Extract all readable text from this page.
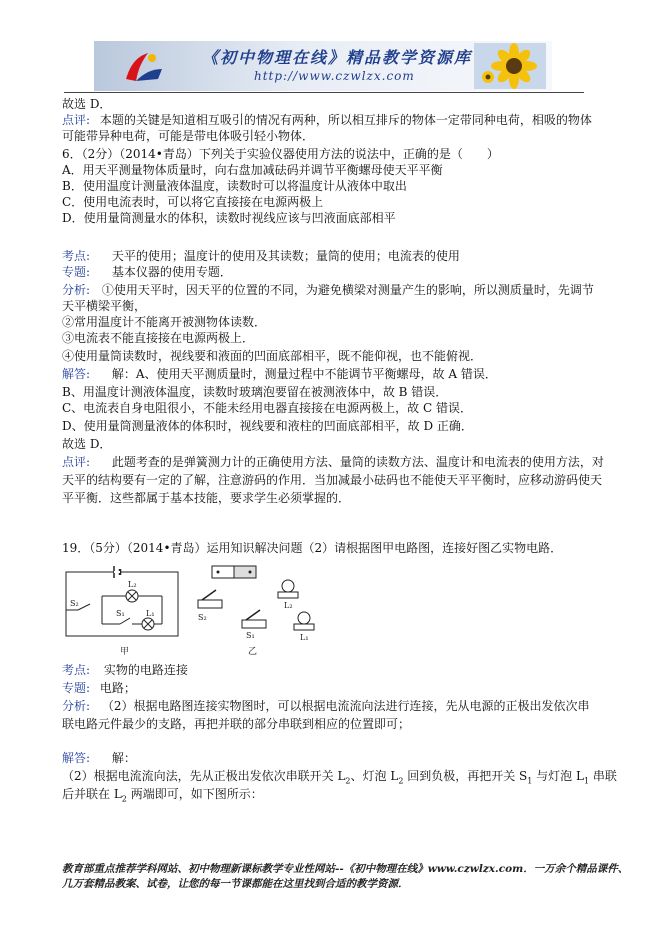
《初中物理在线》精品教学资源库
http://www.czwlzx.com
故选 D．
点评: 本题的关键是知道相互吸引的情况有两种，所以相互排斥的物体一定带同种电荷，相吸的物体
可能带异种电荷，可能是带电体吸引轻小物体．
6．（2分）（2014•青岛）下列关于实验仪器使用方法的说法中，正确的是（　　）
A．用天平测量物体质量时，向右盘加减砝码并调节平衡螺母使天平平衡
B．使用温度计测量液体温度，读数时可以将温度计从液体中取出
C．使用电流表时，可以将它直接接在电源两极上
D．使用量筒测量水的体积，读数时视线应该与凹液面底部相平
考点: 天平的使用；温度计的使用及其读数；量筒的使用；电流表的使用
专题: 基本仪器的使用专题．
分析: ①使用天平时，因天平的位置的不同，为避免横梁对测量产生的影响，所以测质量时，先调节
天平横梁平衡，
②常用温度计不能离开被测物体读数．
③电流表不能直接接在电源两极上．
④使用量筒读数时，视线要和液面的凹面底部相平，既不能仰视，也不能俯视．
解答: 解：A、使用天平测质量时，测量过程中不能调节平衡螺母，故 A 错误．
B、用温度计测液体温度，读数时玻璃泡要留在被测液体中，故 B 错误．
C、电流表自身电阻很小，不能未经用电器直接接在电源两极上，故 C 错误．
D、使用量筒测量液体的体积时，视线要和液柱的凹面底部相平，故 D 正确．
故选 D．
点评: 此题考查的是弹簧测力计的正确使用方法、量筒的读数方法、温度计和电流表的使用方法，对
天平的结构要有一定的了解，注意游码的作用．当加减最小砝码也不能使天平平衡时，应移动游码使天
平平衡．这些都属于基本技能，要求学生必须掌握的．
19．（5分）（2014•青岛）运用知识解决问题（2）请根据图甲电路图，连接好图乙实物电路．
S₂
L₂
S₁	L₁
甲
S₂
S₁
L₂
L₁
乙
考点: 实物的电路连接
专题: 电路；
分析: （2）根据电路图连接实物图时，可以根据电流流向法进行连接，先从电源的正极出发依次串
联电路元件最少的支路，再把并联的部分串联到相应的位置即可；
解答: 解：
（2）根据电流流向法，先从正极出发依次串联开关 $L_2$、灯泡 $L_2$ 回到负极，再把开关 $S_1$ 与灯泡 $L_1$ 串联
后并联在 $L_2$ 两端即可，如下图所示：
教育部重点推荐学科网站、初中物理新课标教学专业性网站--《初中物理在线》www.czwlzx.com．一万余个精品课件、
几万套精品教案、试卷，让您的每一节课都能在这里找到合适的教学资源．
